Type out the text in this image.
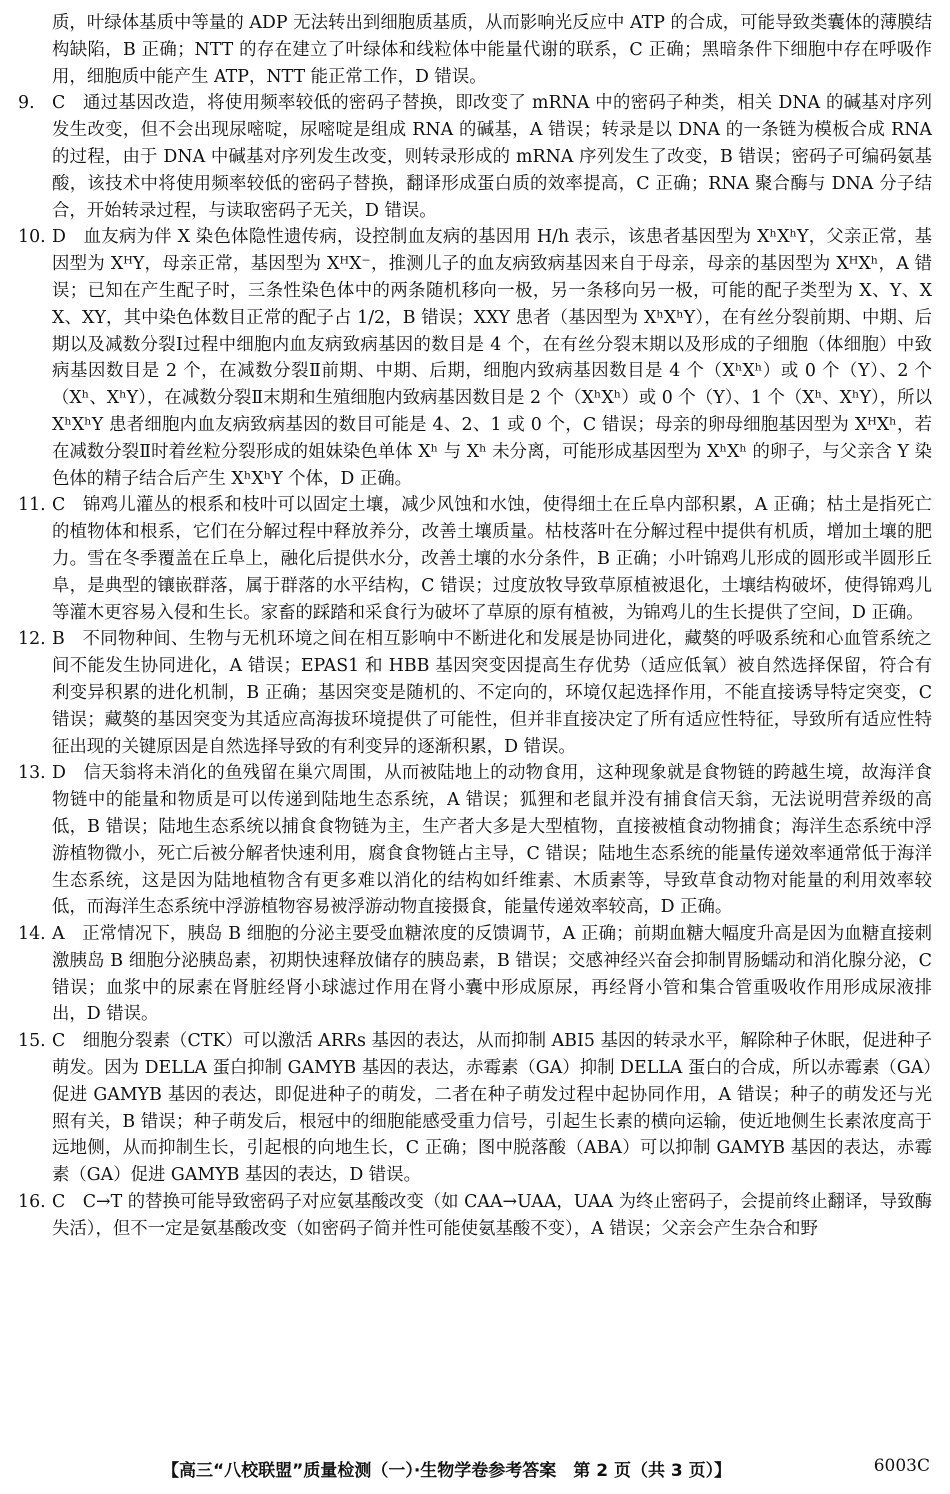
质，叶绿体基质中等量的 ADP 无法转出到细胞质基质，从而影响光反应中 ATP 的合成，可能导致类囊体的薄膜结构缺陷，B 正确；NTT 的存在建立了叶绿体和线粒体中能量代谢的联系，C 正确；黑暗条件下细胞中存在呼吸作用，细胞质中能产生 ATP，NTT 能正常工作，D 错误。

9. C  通过基因改造，将使用频率较低的密码子替换，即改变了 mRNA 中的密码子种类，相关 DNA 的碱基对序列发生改变，但不会出现尿嘧啶，尿嘧啶是组成 RNA 的碱基，A 错误；转录是以 DNA 的一条链为模板合成 RNA 的过程，由于 DNA 中碱基对序列发生改变，则转录形成的 mRNA 序列发生了改变，B 错误；密码子可编码氨基酸，该技术中将使用频率较低的密码子替换，翻译形成蛋白质的效率提高，C 正确；RNA 聚合酶与 DNA 分子结合，开始转录过程，与读取密码子无关，D 错误。
10. D  血友病为伴 X 染色体隐性遗传病，设控制血友病的基因用 H/h 表示，该患者基因型为 XʰXʰY，父亲正常，基因型为 XᴴY，母亲正常，基因型为 XᴴX⁻，推测儿子的血友病致病基因来自于母亲，母亲的基因型为 XᴴXʰ，A 错误；已知在产生配子时，三条性染色体中的两条随机移向一极，另一条移向另一极，可能的配子类型为 X、Y、XX、XY，其中染色体数目正常的配子占 1/2，B 错误；XXY 患者（基因型为 XʰXʰY），在有丝分裂前期、中期、后期以及减数分裂Ⅰ过程中细胞内血友病致病基因的数目是 4 个，在有丝分裂末期以及形成的子细胞（体细胞）中致病基因数目是 2 个，在减数分裂Ⅱ前期、中期、后期，细胞内致病基因数目是 4 个（XʰXʰ）或 0 个（Y）、2 个（Xʰ、XʰY），在减数分裂Ⅱ末期和生殖细胞内致病基因数目是 2 个（XʰXʰ）或 0 个（Y）、1 个（Xʰ、XʰY），所以 XʰXʰY 患者细胞内血友病致病基因的数目可能是 4、2、1 或 0 个，C 错误；母亲的卵母细胞基因型为 XᴴXʰ，若在减数分裂Ⅱ时着丝粒分裂形成的姐妹染色单体 Xʰ 与 Xʰ 未分离，可能形成基因型为 XʰXʰ 的卵子，与父亲含 Y 染色体的精子结合后产生 XʰXʰY 个体，D 正确。
11. C  锦鸡儿灌丛的根系和枝叶可以固定土壤，减少风蚀和水蚀，使得细土在丘阜内部积累，A 正确；枯土是指死亡的植物体和根系，它们在分解过程中释放养分，改善土壤质量。枯枝落叶在分解过程中提供有机质，增加土壤的肥力。雪在冬季覆盖在丘阜上，融化后提供水分，改善土壤的水分条件，B 正确；小叶锦鸡儿形成的圆形或半圆形丘阜，是典型的镶嵌群落，属于群落的水平结构，C 错误；过度放牧导致草原植被退化，土壤结构破坏，使得锦鸡儿等灌木更容易入侵和生长。家畜的踩踏和采食行为破坏了草原的原有植被，为锦鸡儿的生长提供了空间，D 正确。
12. B  不同物种间、生物与无机环境之间在相互影响中不断进化和发展是协同进化，藏獒的呼吸系统和心血管系统之间不能发生协同进化，A 错误；EPAS1 和 HBB 基因突变因提高生存优势（适应低氧）被自然选择保留，符合有利变异积累的进化机制，B 正确；基因突变是随机的、不定向的，环境仅起选择作用，不能直接诱导特定突变，C 错误；藏獒的基因突变为其适应高海拔环境提供了可能性，但并非直接决定了所有适应性特征，导致所有适应性特征出现的关键原因是自然选择导致的有利变异的逐渐积累，D 错误。
13. D  信天翁将未消化的鱼残留在巢穴周围，从而被陆地上的动物食用，这种现象就是食物链的跨越生境，故海洋食物链中的能量和物质是可以传递到陆地生态系统，A 错误；狐狸和老鼠并没有捕食信天翁，无法说明营养级的高低，B 错误；陆地生态系统以捕食食物链为主，生产者大多是大型植物，直接被植食动物捕食；海洋生态系统中浮游植物微小，死亡后被分解者快速利用，腐食食物链占主导，C 错误；陆地生态系统的能量传递效率通常低于海洋生态系统，这是因为陆地植物含有更多难以消化的结构如纤维素、木质素等，导致草食动物对能量的利用效率较低，而海洋生态系统中浮游植物容易被浮游动物直接摄食，能量传递效率较高，D 正确。
14. A  正常情况下，胰岛 B 细胞的分泌主要受血糖浓度的反馈调节，A 正确；前期血糖大幅度升高是因为血糖直接刺激胰岛 B 细胞分泌胰岛素，初期快速释放储存的胰岛素，B 错误；交感神经兴奋会抑制胃肠蠕动和消化腺分泌，C 错误；血浆中的尿素在肾脏经肾小球滤过作用在肾小囊中形成原尿，再经肾小管和集合管重吸收作用形成尿液排出，D 错误。
15. C  细胞分裂素（CTK）可以激活 ARRs 基因的表达，从而抑制 ABI5 基因的转录水平，解除种子休眠，促进种子萌发。因为 DELLA 蛋白抑制 GAMYB 基因的表达，赤霉素（GA）抑制 DELLA 蛋白的合成，所以赤霉素（GA）促进 GAMYB 基因的表达，即促进种子的萌发，二者在种子萌发过程中起协同作用，A 错误；种子的萌发还与光照有关，B 错误；种子萌发后，根冠中的细胞能感受重力信号，引起生长素的横向运输，使近地侧生长素浓度高于远地侧，从而抑制生长，引起根的向地生长，C 正确；图中脱落酸（ABA）可以抑制 GAMYB 基因的表达，赤霉素（GA）促进 GAMYB 基因的表达，D 错误。
16. C  C→T 的替换可能导致密码子对应氨基酸改变（如 CAA→UAA，UAA 为终止密码子，会提前终止翻译，导致酶失活），但不一定是氨基酸改变（如密码子简并性可能使氨基酸不变），A 错误；父亲会产生杂合和野
【高三“八校联盟”质量检测（一）·生物学卷参考答案　第 2 页（共 3 页）】	6003C
